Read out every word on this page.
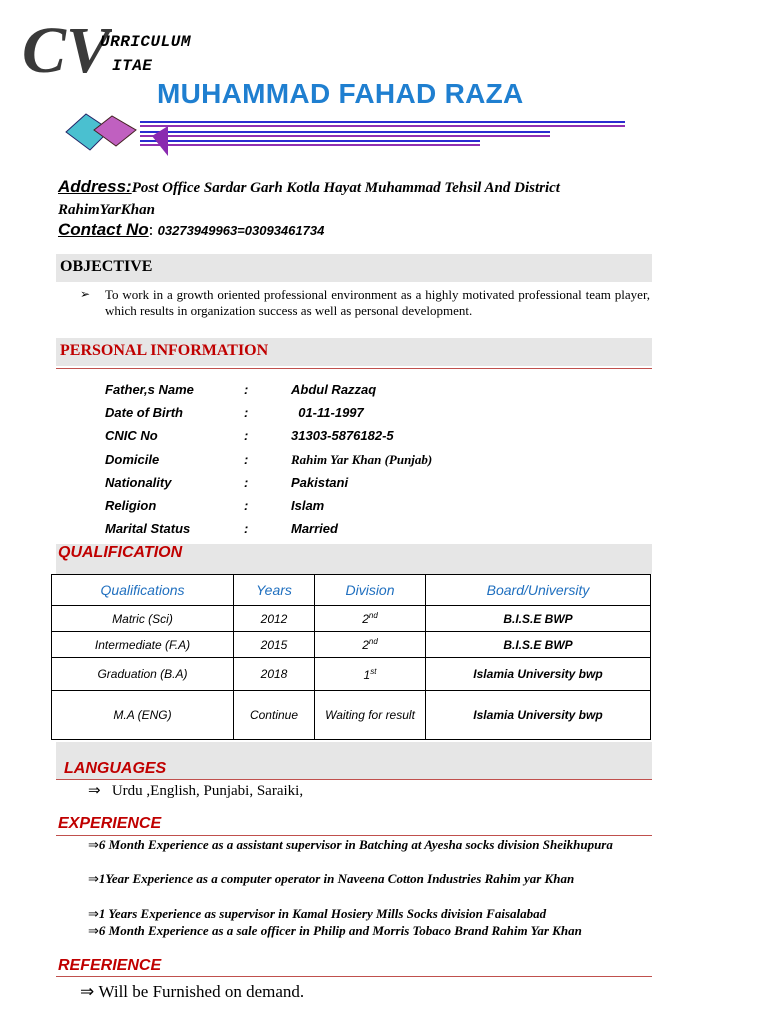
CV
URRICULUM
ITAE
MUHAMMAD FAHAD RAZA
Address:Post Office Sardar Garh Kotla Hayat Muhammad Tehsil And District RahimYarKhan
Contact No: 03273949963=03093461734
OBJECTIVE
➢ To work in a growth oriented professional environment as a highly motivated professional team player, which results in organization success as well as personal development.
PERSONAL INFORMATION
Father,s Name	:	Abdul Razzaq
Date of Birth	:	01-11-1997
CNIC No	:	31303-5876182-5
Domicile	:	Rahim Yar Khan (Punjab)
Nationality	:	Pakistani
Religion	:	Islam
Marital Status	:	Married
QUALIFICATION
Qualifications	Years	Division	Board/University
Matric (Sci)	2012	2nd	B.I.S.E BWP
Intermediate (F.A)	2015	2nd	B.I.S.E BWP
Graduation (B.A)	2018	1st	Islamia University bwp
M.A (ENG)	Continue	Waiting for result	Islamia University bwp
LANGUAGES
⇒ Urdu ,English, Punjabi, Saraiki,
EXPERIENCE
⇒6 Month Experience as a assistant supervisor in Batching at Ayesha socks division Sheikhupura
⇒1Year Experience as a computer operator in Naveena Cotton Industries Rahim yar Khan
⇒1 Years Experience as supervisor in Kamal Hosiery Mills Socks division Faisalabad
⇒6 Month Experience as a sale officer in Philip and Morris Tobaco Brand Rahim Yar Khan
REFERIENCE
⇒ Will be Furnished on demand.
